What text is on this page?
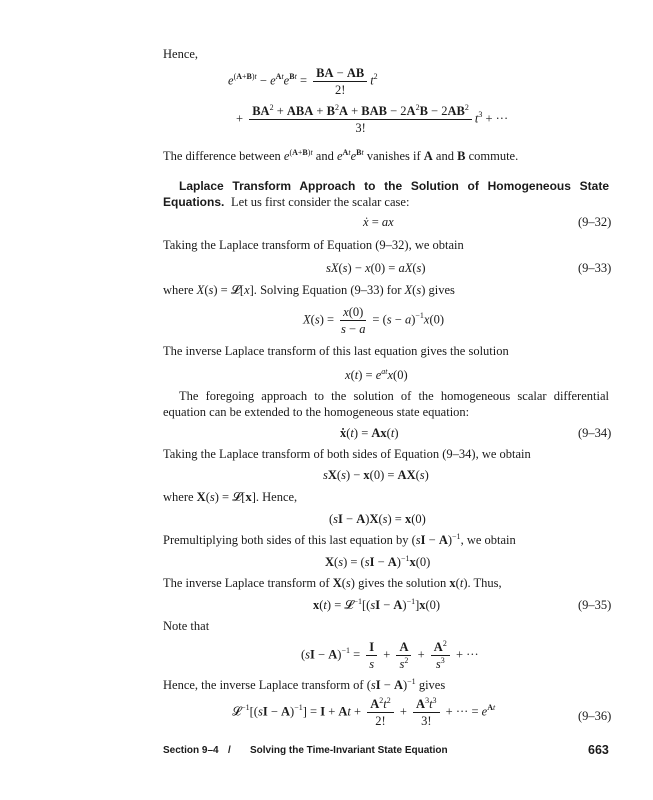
Hence,
$e^{(A+B)t} - e^{At}e^{Bt} = \frac{BA - AB}{2!} t^2$
+ $\frac{BA^2 + ABA + B^2A + BAB - 2A^2B - 2AB^2}{3!} t^3$ + ···
The difference between $e^{(A+B)t}$ and $e^{At}e^{Bt}$ vanishes if A and B commute.
Laplace Transform Approach to the Solution of Homogeneous State Equations. Let us first consider the scalar case:
ẋ = ax	(9–32)
Taking the Laplace transform of Equation (9–32), we obtain
sX(s) − x(0) = aX(s)	(9–33)
where X(s) = 𝓛[x]. Solving Equation (9–33) for X(s) gives
$X(s) = \frac{x(0)}{s - a} = (s - a)^{-1}x(0)$
The inverse Laplace transform of this last equation gives the solution
$x(t) = e^{at}x(0)$
The foregoing approach to the solution of the homogeneous scalar differential equation can be extended to the homogeneous state equation:
ẋ(t) = Ax(t)	(9–34)
Taking the Laplace transform of both sides of Equation (9–34), we obtain
sX(s) − x(0) = AX(s)
where X(s) = 𝓛[x]. Hence,
(sI − A)X(s) = x(0)
Premultiplying both sides of this last equation by (sI − A)$^{-1}$, we obtain
X(s) = (sI − A)$^{-1}$x(0)
The inverse Laplace transform of X(s) gives the solution x(t). Thus,
x(t) = 𝓛$^{-1}$[(sI − A)$^{-1}$]x(0)	(9–35)
Note that
$(sI - A)^{-1} = \frac{I}{s} + \frac{A}{s^2} + \frac{A^2}{s^3}$ + ···
Hence, the inverse Laplace transform of (sI − A)$^{-1}$ gives
𝓛$^{-1}$[(sI − $A)^{-1}] = I + At + \frac{A^2t^2}{2!} + \frac{A^3t^3}{3!}$ + ··· = $e^{At}$
(9–36)
Section 9–4 / Solving the Time-Invariant State Equation	663
